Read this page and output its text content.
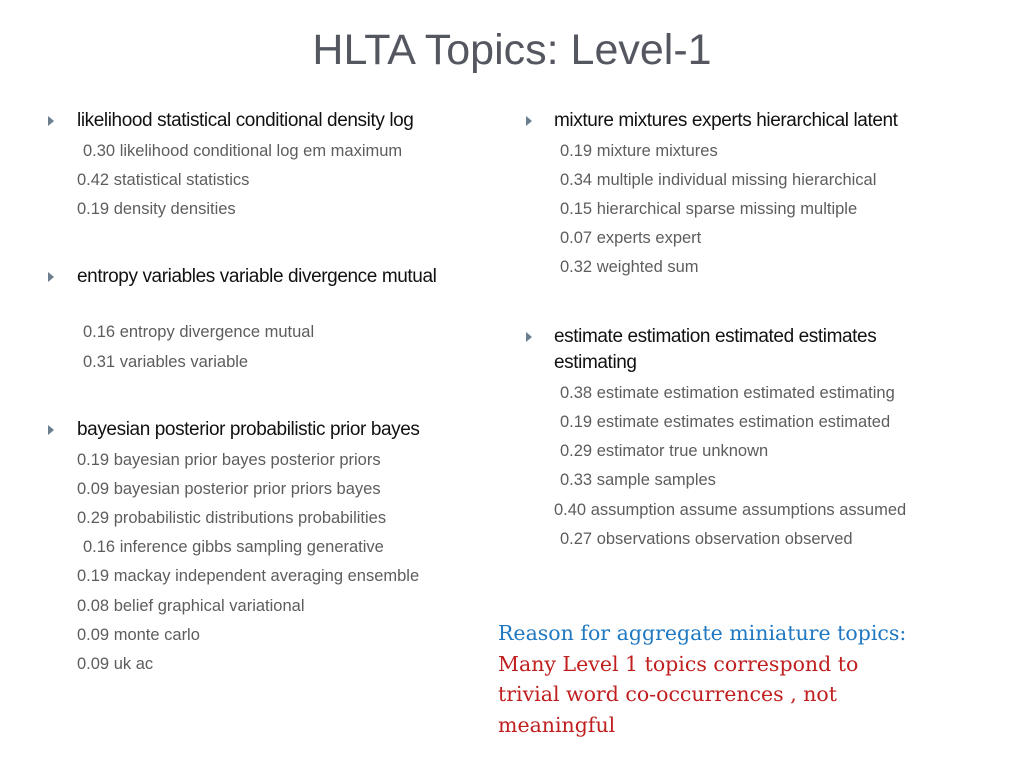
HLTA Topics: Level-1
likelihood statistical conditional density log
0.30 likelihood conditional log em maximum
0.42 statistical statistics
0.19 density densities
entropy variables variable divergence mutual
0.16 entropy divergence mutual
0.31 variables variable
bayesian posterior probabilistic prior bayes
0.19 bayesian prior bayes posterior priors
0.09 bayesian posterior prior priors bayes
0.29 probabilistic distributions probabilities
0.16 inference gibbs sampling generative
0.19 mackay independent averaging ensemble
0.08 belief graphical variational
0.09 monte carlo
0.09 uk ac
mixture mixtures experts hierarchical latent
0.19 mixture mixtures
0.34 multiple individual missing hierarchical
0.15 hierarchical sparse missing multiple
0.07 experts expert
0.32 weighted sum
estimate estimation estimated estimates estimating
0.38 estimate estimation estimated estimating
0.19 estimate estimates estimation estimated
0.29 estimator true unknown
0.33 sample samples
0.40 assumption assume assumptions assumed
0.27 observations observation observed
Reason for aggregate miniature topics:
Many Level 1 topics correspond to
trivial word co-occurrences , not
meaningful
